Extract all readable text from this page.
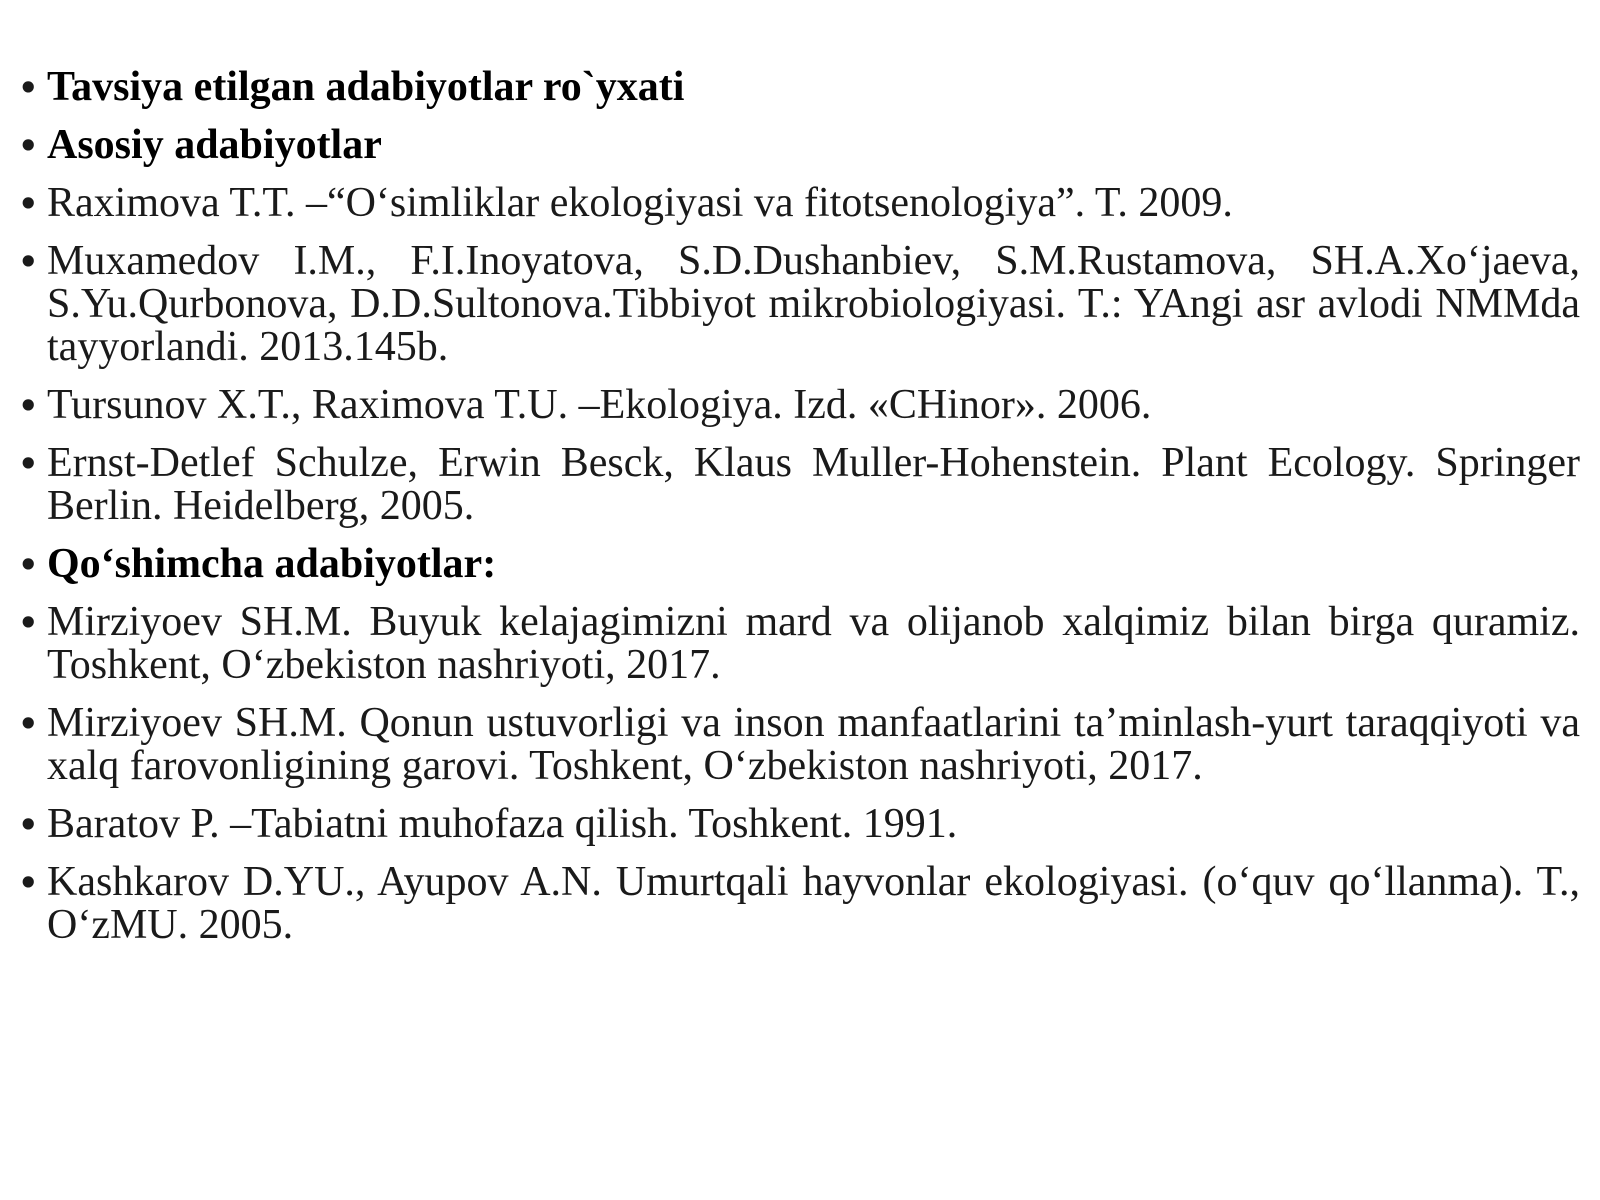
• Tavsiya etilgan adabiyotlar ro`yxati
• Asosiy adabiyotlar
• Raximova T.T. –“O‘simliklar ekologiyasi va fitotsenologiya”. T. 2009.
• Muxamedov I.M., F.I.Inoyatova, S.D.Dushanbiev, S.M.Rustamova, SH.A.Xo‘jaeva, S.Yu.Qurbonova, D.D.Sultonova.Tibbiyot mikrobiologiyasi. T.: YAngi asr avlodi NMMda tayyorlandi. 2013.145b.
• Tursunov X.T., Raximova T.U. –Ekologiya. Izd. «CHinor». 2006.
• Ernst-Detlef Schulze, Erwin Besck, Klaus Muller-Hohenstein. Plant Ecology. Springer Berlin. Heidelberg, 2005.
• Qo‘shimcha adabiyotlar:
• Mirziyoev SH.M. Buyuk kelajagimizni mard va olijanob xalqimiz bilan birga quramiz. Toshkent, O‘zbekiston nashriyoti, 2017.
• Mirziyoev SH.M. Qonun ustuvorligi va inson manfaatlarini ta’minlash-yurt taraqqiyoti va xalq farovonligining garovi. Toshkent, O‘zbekiston nashriyoti, 2017.
• Baratov P. –Tabiatni muhofaza qilish. Toshkent. 1991.
• Kashkarov D.YU., Ayupov A.N. Umurtqali hayvonlar ekologiyasi. (o‘quv qo‘llanma). T., O‘zMU. 2005.
